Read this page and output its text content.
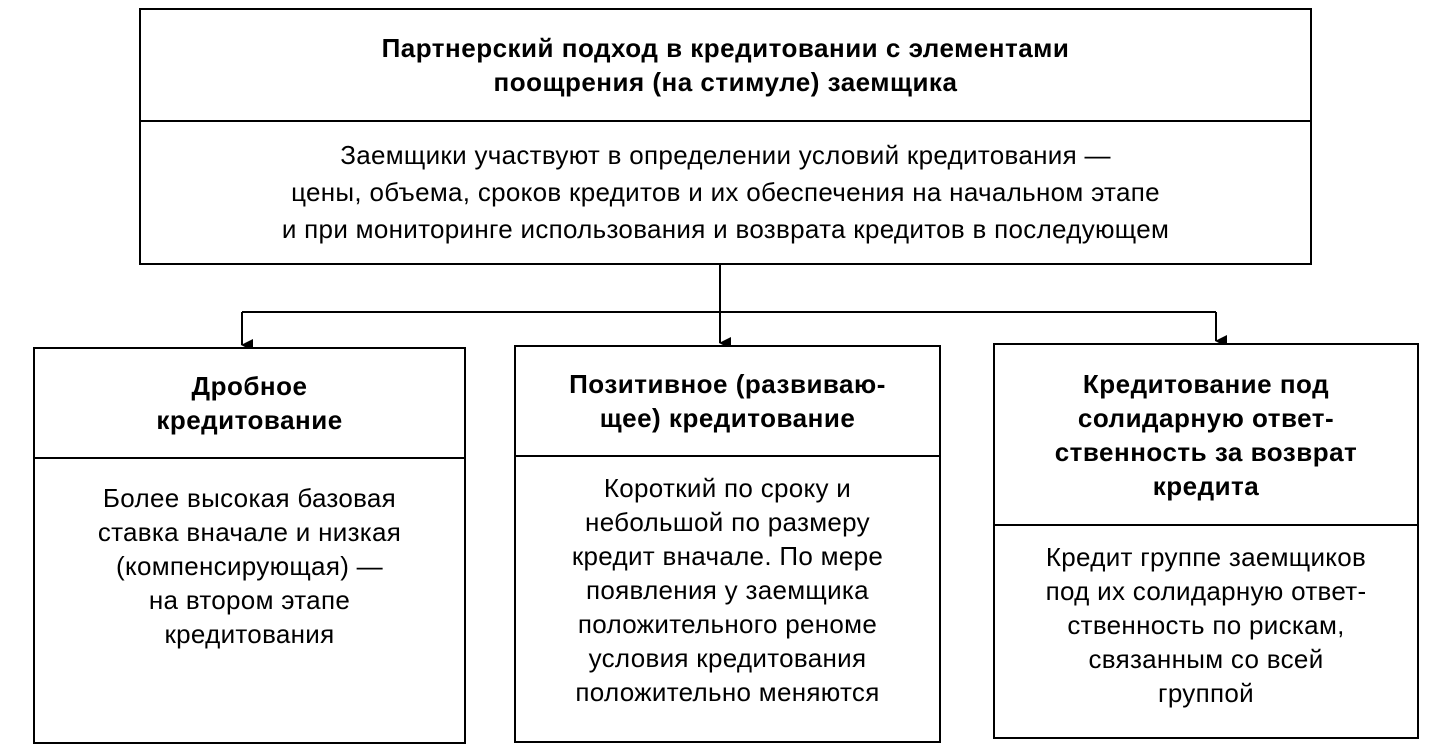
Партнерский подход в кредитовании с элементами
поощрения (на стимуле) заемщика
Заемщики участвуют в определении условий кредитования —
цены, объема, сроков кредитов и их обеспечения на начальном этапе
и при мониторинге использования и возврата кредитов в последующем
Дробное
кредитование
Более высокая базовая
ставка вначале и низкая
(компенсирующая) —
на втором этапе
кредитования
Позитивное (развиваю-
щее) кредитование
Короткий по сроку и
небольшой по размеру
кредит вначале. По мере
появления у заемщика
положительного реноме
условия кредитования
положительно меняются
Кредитование под
солидарную ответ-
ственность за возврат
кредита
Кредит группе заемщиков
под их солидарную ответ-
ственность по рискам,
связанным со всей
группой
